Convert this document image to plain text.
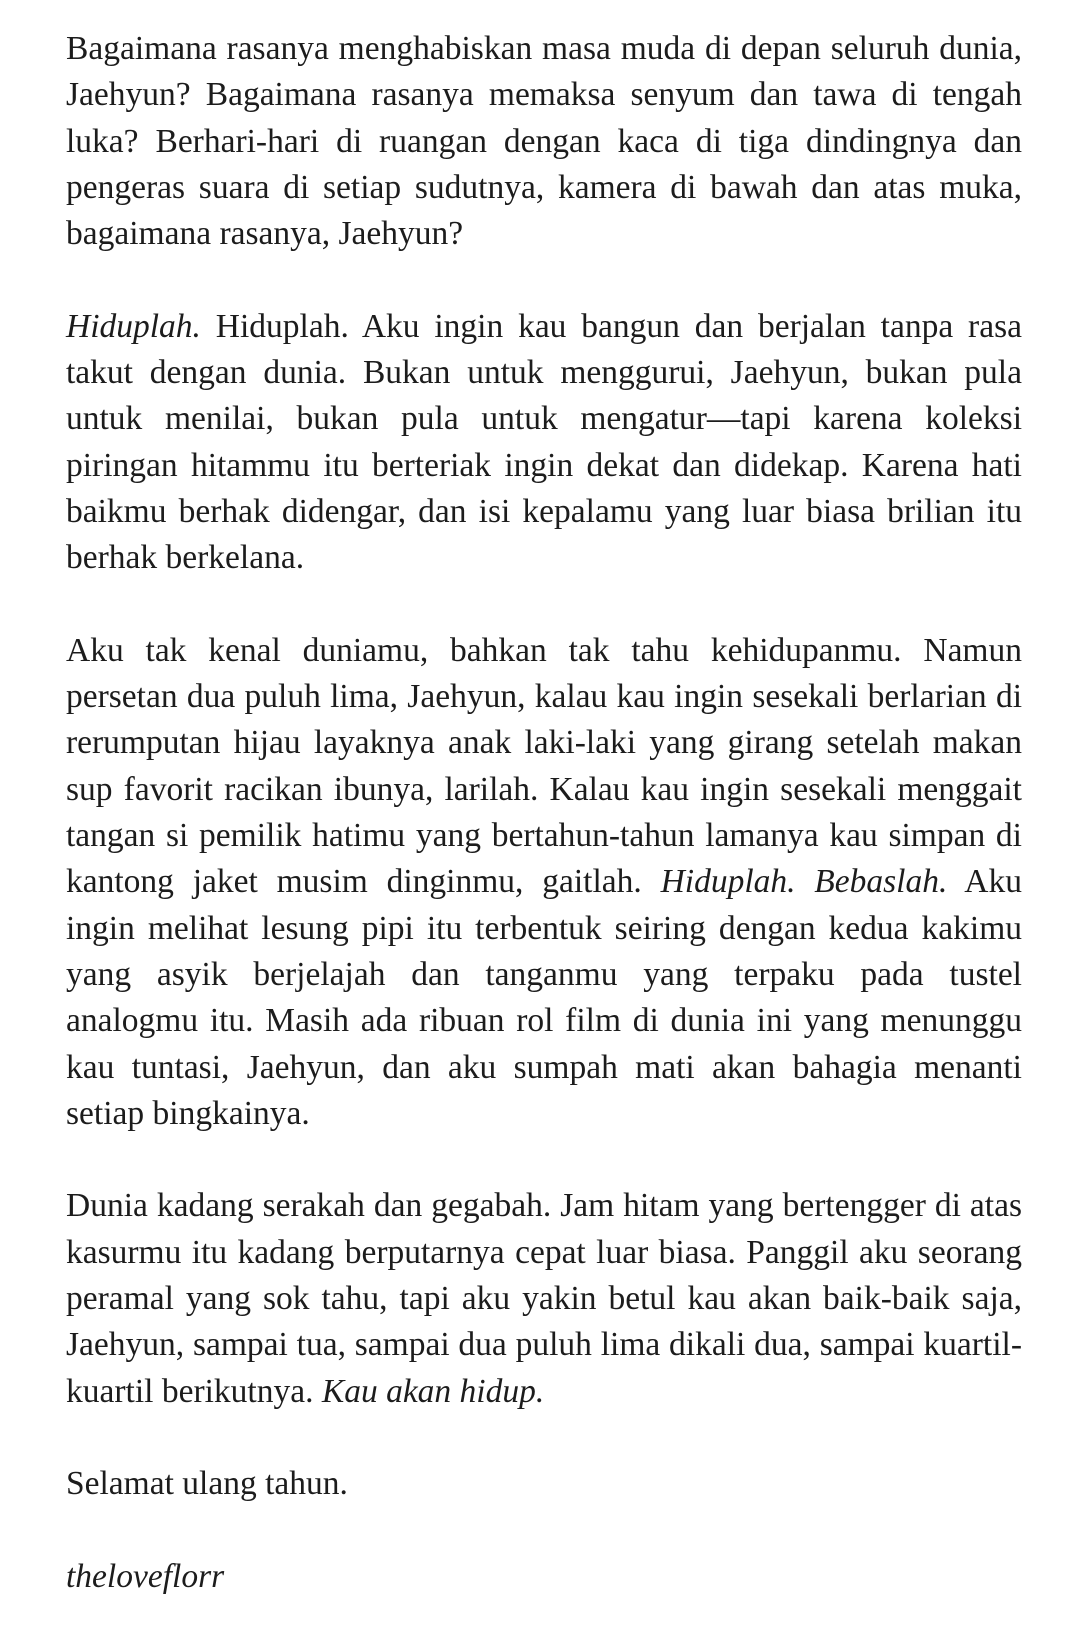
Bagaimana rasanya menghabiskan masa muda di depan seluruh dunia, Jaehyun? Bagaimana rasanya memaksa senyum dan tawa di tengah luka? Berhari-hari di ruangan dengan kaca di tiga dindingnya dan pengeras suara di setiap sudutnya, kamera di bawah dan atas muka, bagaimana rasanya, Jaehyun?

Hiduplah. Hiduplah. Aku ingin kau bangun dan berjalan tanpa rasa takut dengan dunia. Bukan untuk menggurui, Jaehyun, bukan pula untuk menilai, bukan pula untuk mengatur—tapi karena koleksi piringan hitammu itu berteriak ingin dekat dan didekap. Karena hati baikmu berhak didengar, dan isi kepalamu yang luar biasa brilian itu berhak berkelana.

Aku tak kenal duniamu, bahkan tak tahu kehidupanmu. Namun persetan dua puluh lima, Jaehyun, kalau kau ingin sesekali berlarian di rerumputan hijau layaknya anak laki-laki yang girang setelah makan sup favorit racikan ibunya, larilah. Kalau kau ingin sesekali menggait tangan si pemilik hatimu yang bertahun-tahun lamanya kau simpan di kantong jaket musim dinginmu, gaitlah. Hiduplah. Bebaslah. Aku ingin melihat lesung pipi itu terbentuk seiring dengan kedua kakimu yang asyik berjelajah dan tanganmu yang terpaku pada tustel analogmu itu. Masih ada ribuan rol film di dunia ini yang menunggu kau tuntasi, Jaehyun, dan aku sumpah mati akan bahagia menanti setiap bingkainya.

Dunia kadang serakah dan gegabah. Jam hitam yang bertengger di atas kasurmu itu kadang berputarnya cepat luar biasa. Panggil aku seorang peramal yang sok tahu, tapi aku yakin betul kau akan baik-baik saja, Jaehyun, sampai tua, sampai dua puluh lima dikali dua, sampai kuartil-kuartil berikutnya. Kau akan hidup.

Selamat ulang tahun.

theloveflorr
